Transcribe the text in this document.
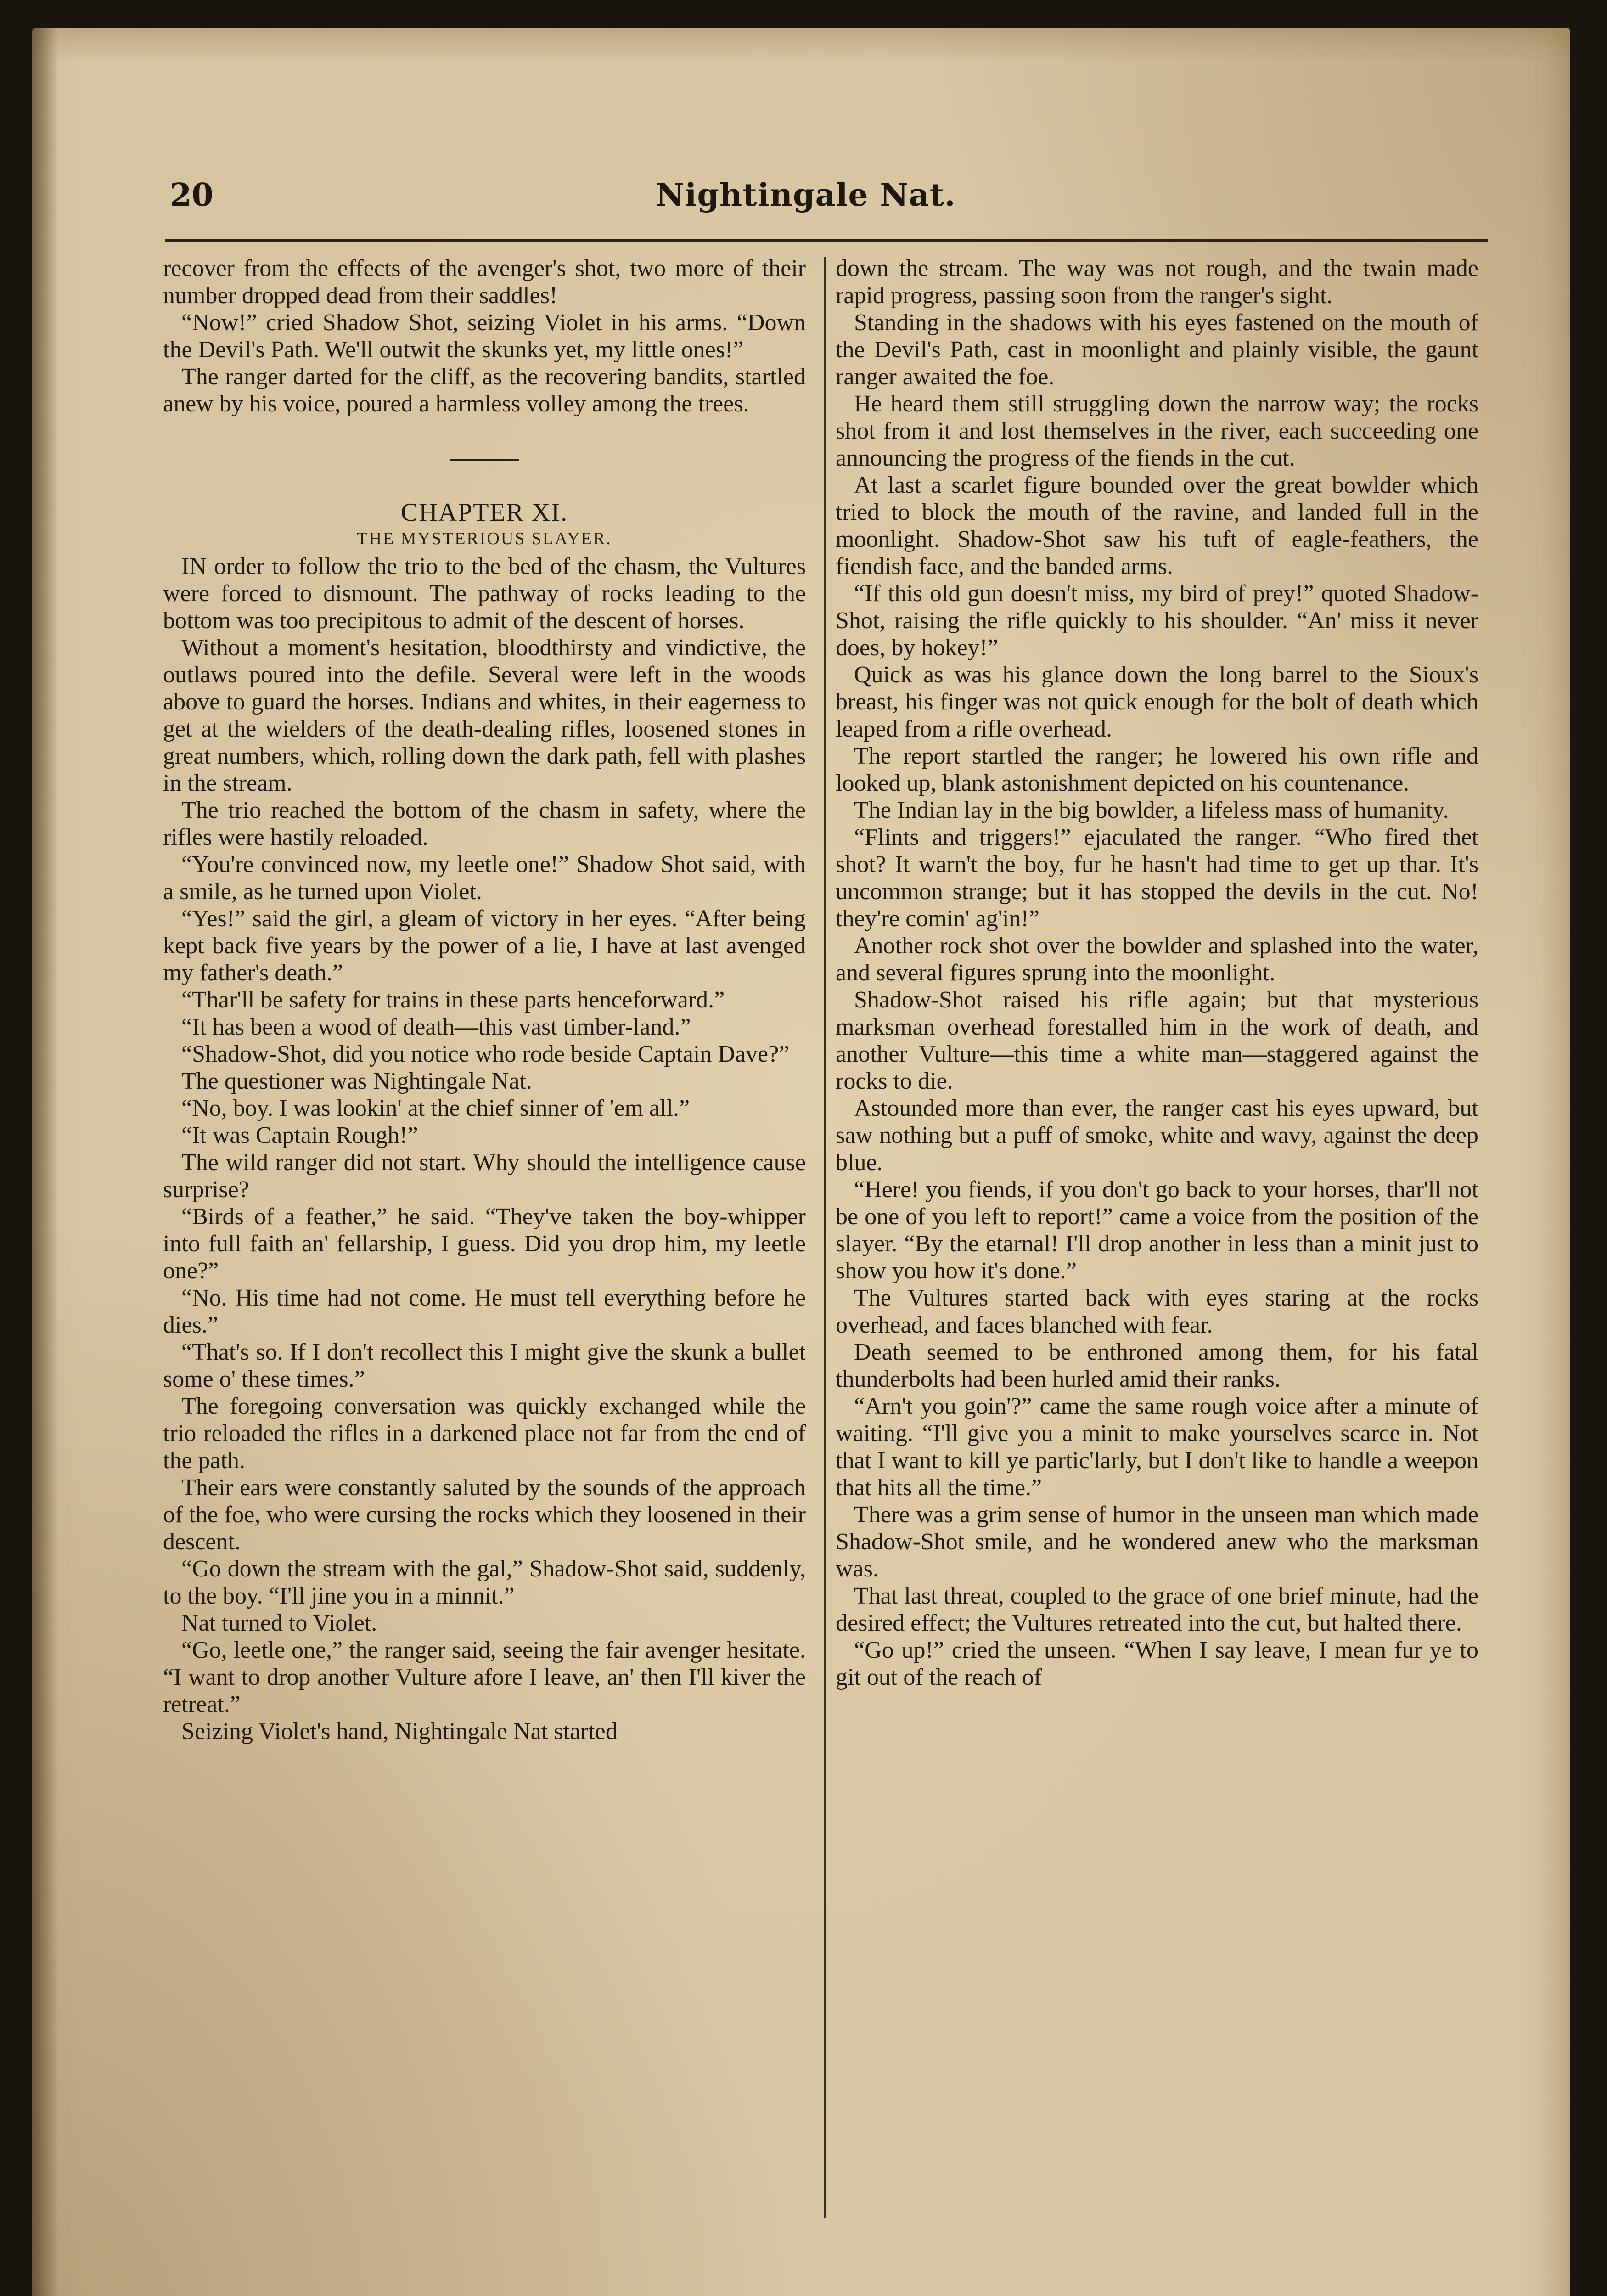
20	Nightingale Nat.

recover from the effects of the avenger's shot, two more of their number dropped dead from their saddles!

“Now!” cried Shadow Shot, seizing Violet in his arms. “Down the Devil's Path. We'll outwit the skunks yet, my little ones!”

The ranger darted for the cliff, as the recovering bandits, startled anew by his voice, poured a harmless volley among the trees.

CHAPTER XI.

THE MYSTERIOUS SLAYER.

IN order to follow the trio to the bed of the chasm, the Vultures were forced to dismount. The pathway of rocks leading to the bottom was too precipitous to admit of the descent of horses.

Without a moment's hesitation, bloodthirsty and vindictive, the outlaws poured into the defile. Several were left in the woods above to guard the horses. Indians and whites, in their eagerness to get at the wielders of the death-dealing rifles, loosened stones in great numbers, which, rolling down the dark path, fell with plashes in the stream.

The trio reached the bottom of the chasm in safety, where the rifles were hastily reloaded.

“You're convinced now, my leetle one!” Shadow Shot said, with a smile, as he turned upon Violet.

“Yes!” said the girl, a gleam of victory in her eyes. “After being kept back five years by the power of a lie, I have at last avenged my father's death.”

“Thar'll be safety for trains in these parts henceforward.”

“It has been a wood of death—this vast timber-land.”

“Shadow-Shot, did you notice who rode beside Captain Dave?”

The questioner was Nightingale Nat.

“No, boy. I was lookin' at the chief sinner of 'em all.”

“It was Captain Rough!”

The wild ranger did not start. Why should the intelligence cause surprise?

“Birds of a feather,” he said. “They've taken the boy-whipper into full faith an' fellarship, I guess. Did you drop him, my leetle one?”

“No. His time had not come. He must tell everything before he dies.”

“That's so. If I don't recollect this I might give the skunk a bullet some o' these times.”

The foregoing conversation was quickly exchanged while the trio reloaded the rifles in a darkened place not far from the end of the path.

Their ears were constantly saluted by the sounds of the approach of the foe, who were cursing the rocks which they loosened in their descent.

“Go down the stream with the gal,” Shadow-Shot said, suddenly, to the boy. “I'll jine you in a minnit.”

Nat turned to Violet.

“Go, leetle one,” the ranger said, seeing the fair avenger hesitate. “I want to drop another Vulture afore I leave, an' then I'll kiver the retreat.”

Seizing Violet's hand, Nightingale Nat started

down the stream. The way was not rough, and the twain made rapid progress, passing soon from the ranger's sight.

Standing in the shadows with his eyes fastened on the mouth of the Devil's Path, cast in moonlight and plainly visible, the gaunt ranger awaited the foe.

He heard them still struggling down the narrow way; the rocks shot from it and lost themselves in the river, each succeeding one announcing the progress of the fiends in the cut.

At last a scarlet figure bounded over the great bowlder which tried to block the mouth of the ravine, and landed full in the moonlight. Shadow-Shot saw his tuft of eagle-feathers, the fiendish face, and the banded arms.

“If this old gun doesn't miss, my bird of prey!” quoted Shadow-Shot, raising the rifle quickly to his shoulder. “An' miss it never does, by hokey!”

Quick as was his glance down the long barrel to the Sioux's breast, his finger was not quick enough for the bolt of death which leaped from a rifle overhead.

The report startled the ranger; he lowered his own rifle and looked up, blank astonishment depicted on his countenance.

The Indian lay in the big bowlder, a lifeless mass of humanity.

“Flints and triggers!” ejaculated the ranger. “Who fired thet shot? It warn't the boy, fur he hasn't had time to get up thar. It's uncommon strange; but it has stopped the devils in the cut. No! they're comin' ag'in!”

Another rock shot over the bowlder and splashed into the water, and several figures sprung into the moonlight.

Shadow-Shot raised his rifle again; but that mysterious marksman overhead forestalled him in the work of death, and another Vulture—this time a white man—staggered against the rocks to die.

Astounded more than ever, the ranger cast his eyes upward, but saw nothing but a puff of smoke, white and wavy, against the deep blue.

“Here! you fiends, if you don't go back to your horses, thar'll not be one of you left to report!” came a voice from the position of the slayer. “By the etarnal! I'll drop another in less than a minit just to show you how it's done.”

The Vultures started back with eyes staring at the rocks overhead, and faces blanched with fear.

Death seemed to be enthroned among them, for his fatal thunderbolts had been hurled amid their ranks.

“Arn't you goin'?” came the same rough voice after a minute of waiting. “I'll give you a minit to make yourselves scarce in. Not that I want to kill ye partic'larly, but I don't like to handle a weepon that hits all the time.”

There was a grim sense of humor in the unseen man which made Shadow-Shot smile, and he wondered anew who the marksman was.

That last threat, coupled to the grace of one brief minute, had the desired effect; the Vultures retreated into the cut, but halted there.

“Go up!” cried the unseen. “When I say leave, I mean fur ye to git out of the reach of
